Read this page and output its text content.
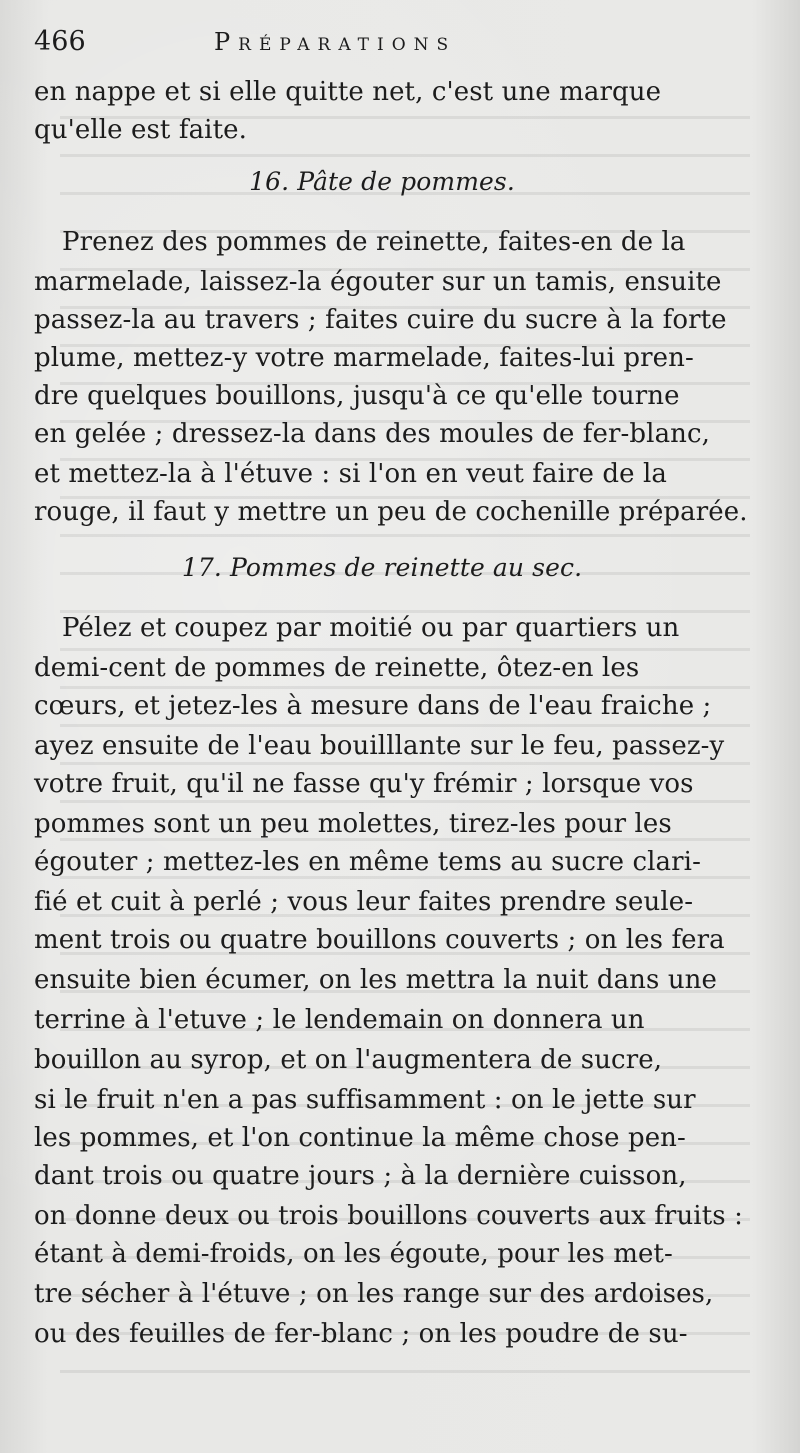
466	Préparations
en nappe et si elle quitte net, c'est une marque
qu'elle est faite.
16. Pâte de pommes.
Prenez des pommes de reinette, faites-en de la
marmelade, laissez-la égouter sur un tamis, ensuite
passez-la au travers ; faites cuire du sucre à la forte
plume, mettez-y votre marmelade, faites-lui pren-
dre quelques bouillons, jusqu'à ce qu'elle tourne
en gelée ; dressez-la dans des moules de fer-blanc,
et mettez-la à l'étuve : si l'on en veut faire de la
rouge, il faut y mettre un peu de cochenille préparée.
17. Pommes de reinette au sec.
Pélez et coupez par moitié ou par quartiers un
demi-cent de pommes de reinette, ôtez-en les
cœurs, et jetez-les à mesure dans de l'eau fraiche ;
ayez ensuite de l'eau bouilllante sur le feu, passez-y
votre fruit, qu'il ne fasse qu'y frémir ; lorsque vos
pommes sont un peu molettes, tirez-les pour les
égouter ; mettez-les en même tems au sucre clari-
fié et cuit à perlé ; vous leur faites prendre seule-
ment trois ou quatre bouillons couverts ; on les fera
ensuite bien écumer, on les mettra la nuit dans une
terrine à l'etuve ; le lendemain on donnera un
bouillon au syrop, et on l'augmentera de sucre,
si le fruit n'en a pas suffisamment : on le jette sur
les pommes, et l'on continue la même chose pen-
dant trois ou quatre jours ; à la dernière cuisson,
on donne deux ou trois bouillons couverts aux fruits :
étant à demi-froids, on les égoute, pour les met-
tre sécher à l'étuve ; on les range sur des ardoises,
ou des feuilles de fer-blanc ; on les poudre de su-
